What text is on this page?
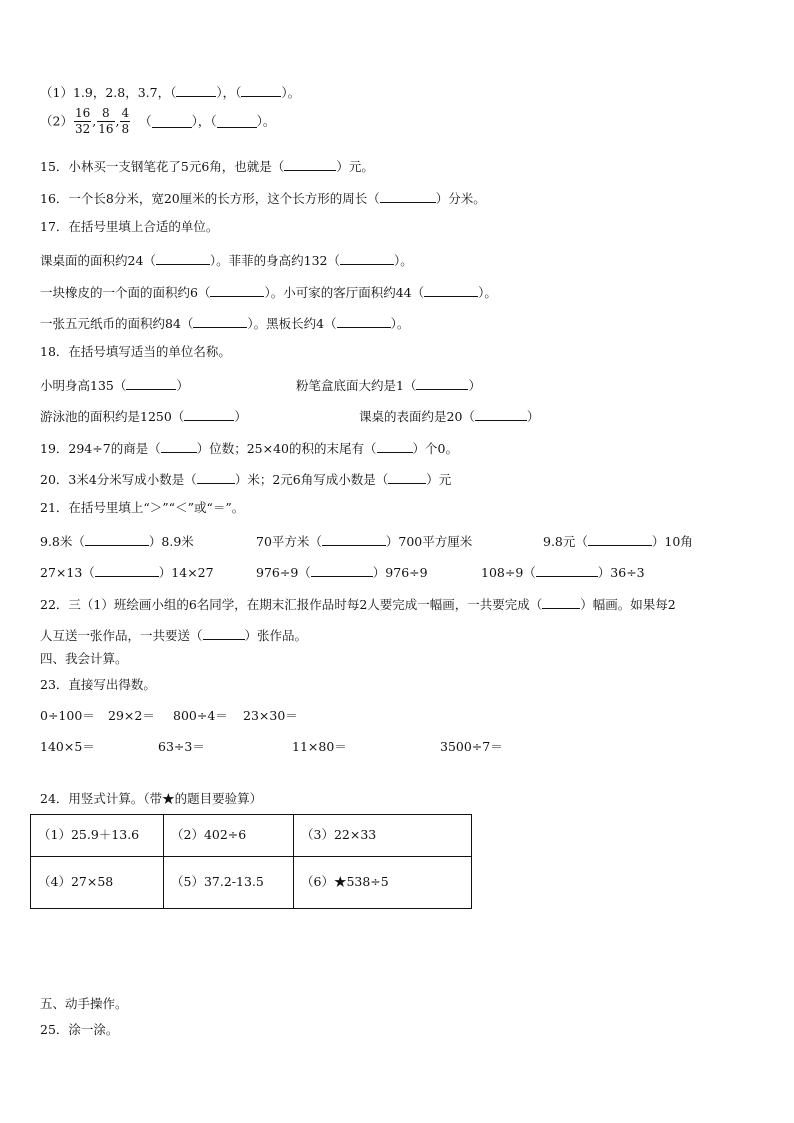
（1）1.9，2.8，3.7，（	），（	）。
$(2) \frac{16}{32}$ , $\frac{8}{16}$ , $\frac{4}{8}$ （	），（	）。
15．小林买一支钢笔花了5元6角，也就是（	）元。
16．一个长8分米，宽20厘米的长方形，这个长方形的周长（	）分米。
17．在括号里填上合适的单位。
课桌面的面积约24（	）。菲菲的身高约132（	）。
一块橡皮的一个面的面积约6（	）。小可家的客厅面积约44（	）。
一张五元纸币的面积约84（	）。黑板长约4（	）。
18．在括号填写适当的单位名称。
小明身高135（	）	粉笔盒底面大约是1（	）
游泳池的面积约是1250（	）	课桌的表面约是20（	）
19．294÷7的商是（	）位数；25×40的积的末尾有（	）个0。
20．3米4分米写成小数是（	）米；2元6角写成小数是（	）元
21．在括号里填上“＞”“＜”或“＝”。
9.8米（	）8.9米	70平方米（	）700平方厘米	9.8元（	）10角
27×13（	）14×27	976÷9（	）976÷9	108÷9（	）36÷3
22．三（1）班绘画小组的6名同学，在期末汇报作品时每2人要完成一幅画，一共要完成（	）幅画。如果每2
人互送一张作品，一共要送（	）张作品。
四、我会计算。
23．直接写出得数。
0÷100＝ 29×2＝ 800÷4＝ 23×30＝
140×5＝	63÷3＝	11×80＝	3500÷7＝
24．用竖式计算。（带★的题目要验算）
（1）25.9＋13.6	（2）402÷6	（3）22×33
（4）27×58	（5）37.2-13.5	（6）★538÷5
五、动手操作。
25．涂一涂。
